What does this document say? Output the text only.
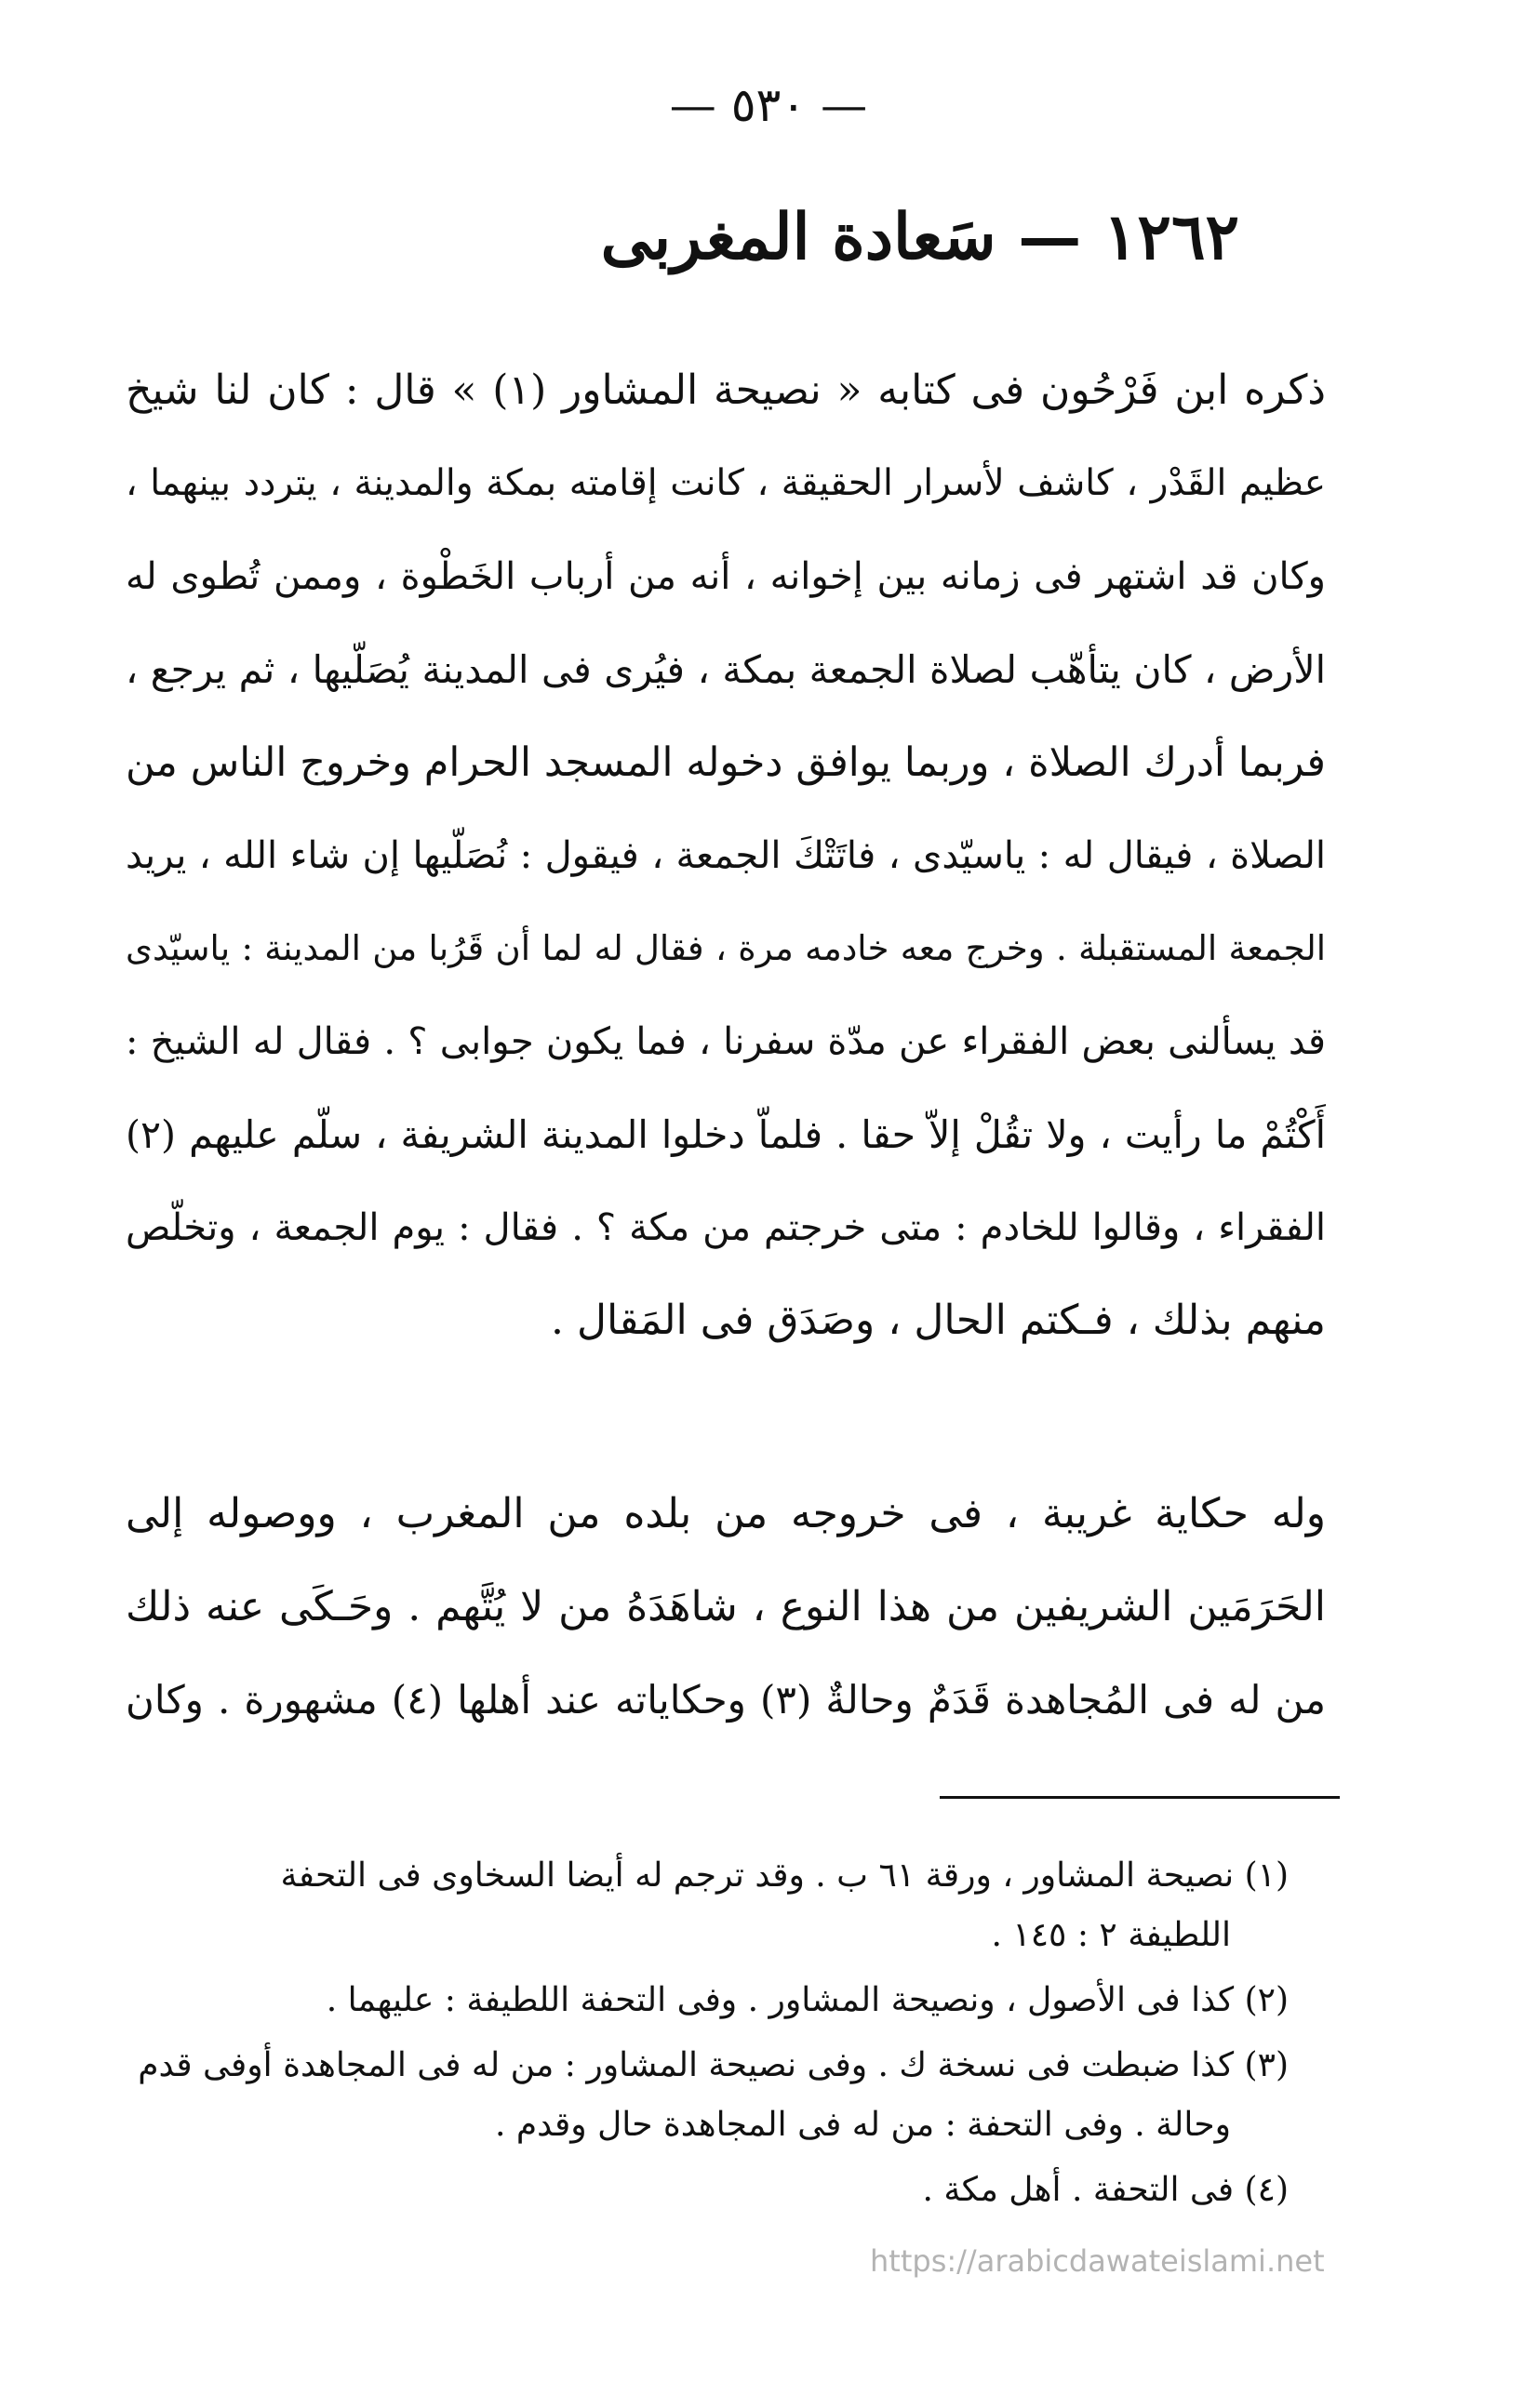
— ٥٣٠ —
١٢٦٢ — سَعادة المغربى
ذكره ابن فَرْحُون فى كتابه « نصيحة المشاور (١) » قال : كان لنا شيخ
عظيم القَدْر ، كاشف لأسرار الحقيقة ، كانت إقامته بمكة والمدينة ، يتردد بينهما ،
وكان قد اشتهر فى زمانه بين إخوانه ، أنه من أرباب الخَطْوة ، وممن تُطوى له
الأرض ، كان يتأهّب لصلاة الجمعة بمكة ، فيُرى فى المدينة يُصَلّيها ، ثم يرجع ،
فربما أدرك الصلاة ، وربما يوافق دخوله المسجد الحرام وخروج الناس من
الصلاة ، فيقال له : ياسيّدى ، فاتَتْكَ الجمعة ، فيقول : نُصَلّيها إن شاء الله ، يريد
الجمعة المستقبلة . وخرج معه خادمه مرة ، فقال له لما أن قَرُبا من المدينة : ياسيّدى
قد يسألنى بعض الفقراء عن مدّة سفرنا ، فما يكون جوابى ؟ . فقال له الشيخ :
أَكْتُمْ ما رأيت ، ولا تقُلْ إلاّ حقا . فلماّ دخلوا المدينة الشريفة ، سلّم عليهم (٢)
الفقراء ، وقالوا للخادم : متى خرجتم من مكة ؟ . فقال : يوم الجمعة ، وتخلّص
منهم بذلك ، فـكتم الحال ، وصَدَق فى المَقال .
وله حكاية غريبة ، فى خروجه من بلده من المغرب ، ووصوله إلى
الحَرَمَين الشريفين من هذا النوع ، شاهَدَهُ من لا يُتَّهم . وحَـكَى عنه ذلك
من له فى المُجاهدة قَدَمٌ وحالةٌ (٣) وحكاياته عند أهلها (٤) مشهورة . وكان
(١) نصيحة المشاور ، ورقة ٦١ ب . وقد ترجم له أيضا السخاوى فى التحفة
اللطيفة ٢ : ١٤٥ .
(٢) كذا فى الأصول ، ونصيحة المشاور . وفى التحفة اللطيفة : عليهما .
(٣) كذا ضبطت فى نسخة ك . وفى نصيحة المشاور : من له فى المجاهدة أوفى قدم
وحالة . وفى التحفة : من له فى المجاهدة حال وقدم .
(٤) فى التحفة . أهل مكة .
https://arabicdawateislami.net
